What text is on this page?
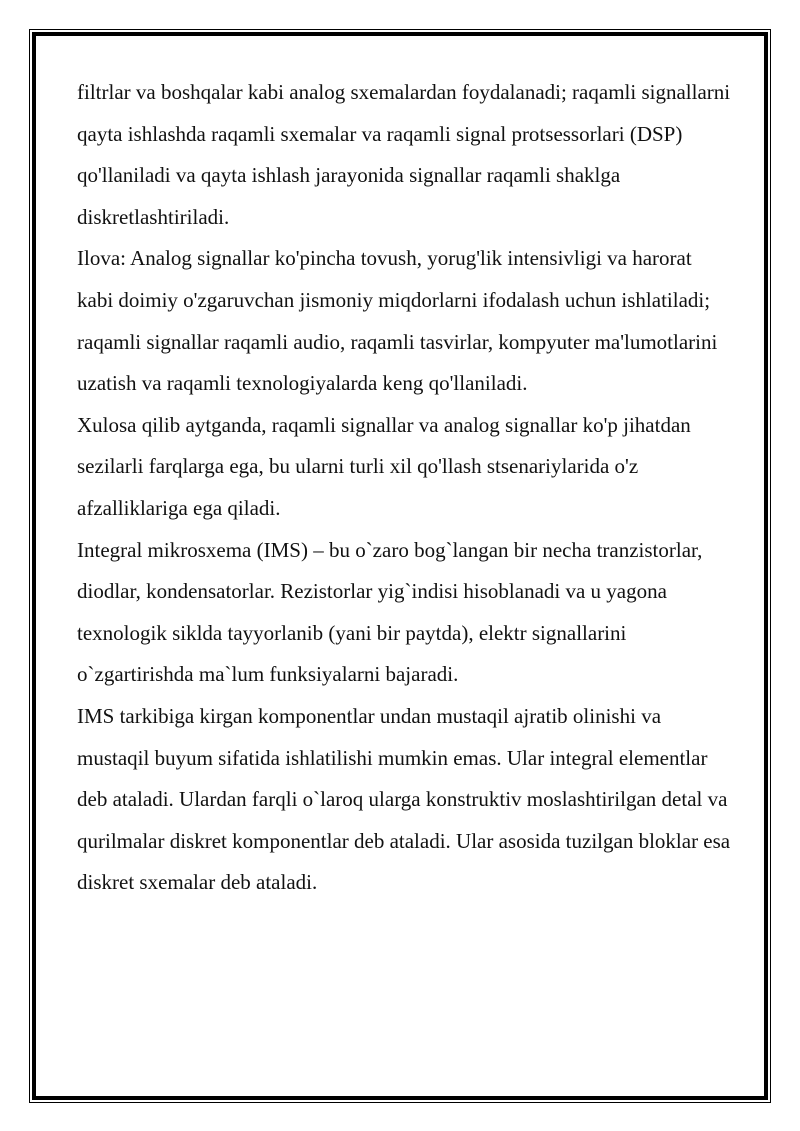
filtrlar va boshqalar kabi analog sxemalardan foydalanadi; raqamli signallarni qayta ishlashda raqamli sxemalar va raqamli signal protsessorlari (DSP) qo'llaniladi va qayta ishlash jarayonida signallar raqamli shaklga diskretlashtiriladi.

Ilova: Analog signallar ko'pincha tovush, yorug'lik intensivligi va harorat kabi doimiy o'zgaruvchan jismoniy miqdorlarni ifodalash uchun ishlatiladi; raqamli signallar raqamli audio, raqamli tasvirlar, kompyuter ma'lumotlarini uzatish va raqamli texnologiyalarda keng qo'llaniladi.

Xulosa qilib aytganda, raqamli signallar va analog signallar ko'p jihatdan sezilarli farqlarga ega, bu ularni turli xil qo'llash stsenariylarida o'z afzalliklariga ega qiladi.

Integral mikrosxema (IMS) – bu o`zaro bog`langan bir necha tranzistorlar, diodlar, kondensatorlar. Rezistorlar yig`indisi hisoblanadi va u yagona texnologik siklda tayyorlanib (yani bir paytda), elektr signallarini o`zgartirishda ma`lum funksiyalarni bajaradi.

IMS tarkibiga kirgan komponentlar undan mustaqil ajratib olinishi va mustaqil buyum sifatida ishlatilishi mumkin emas. Ular integral elementlar deb ataladi. Ulardan farqli o`laroq ularga konstruktiv moslashtirilgan detal va qurilmalar diskret komponentlar deb ataladi. Ular asosida tuzilgan bloklar esa diskret sxemalar deb ataladi.
